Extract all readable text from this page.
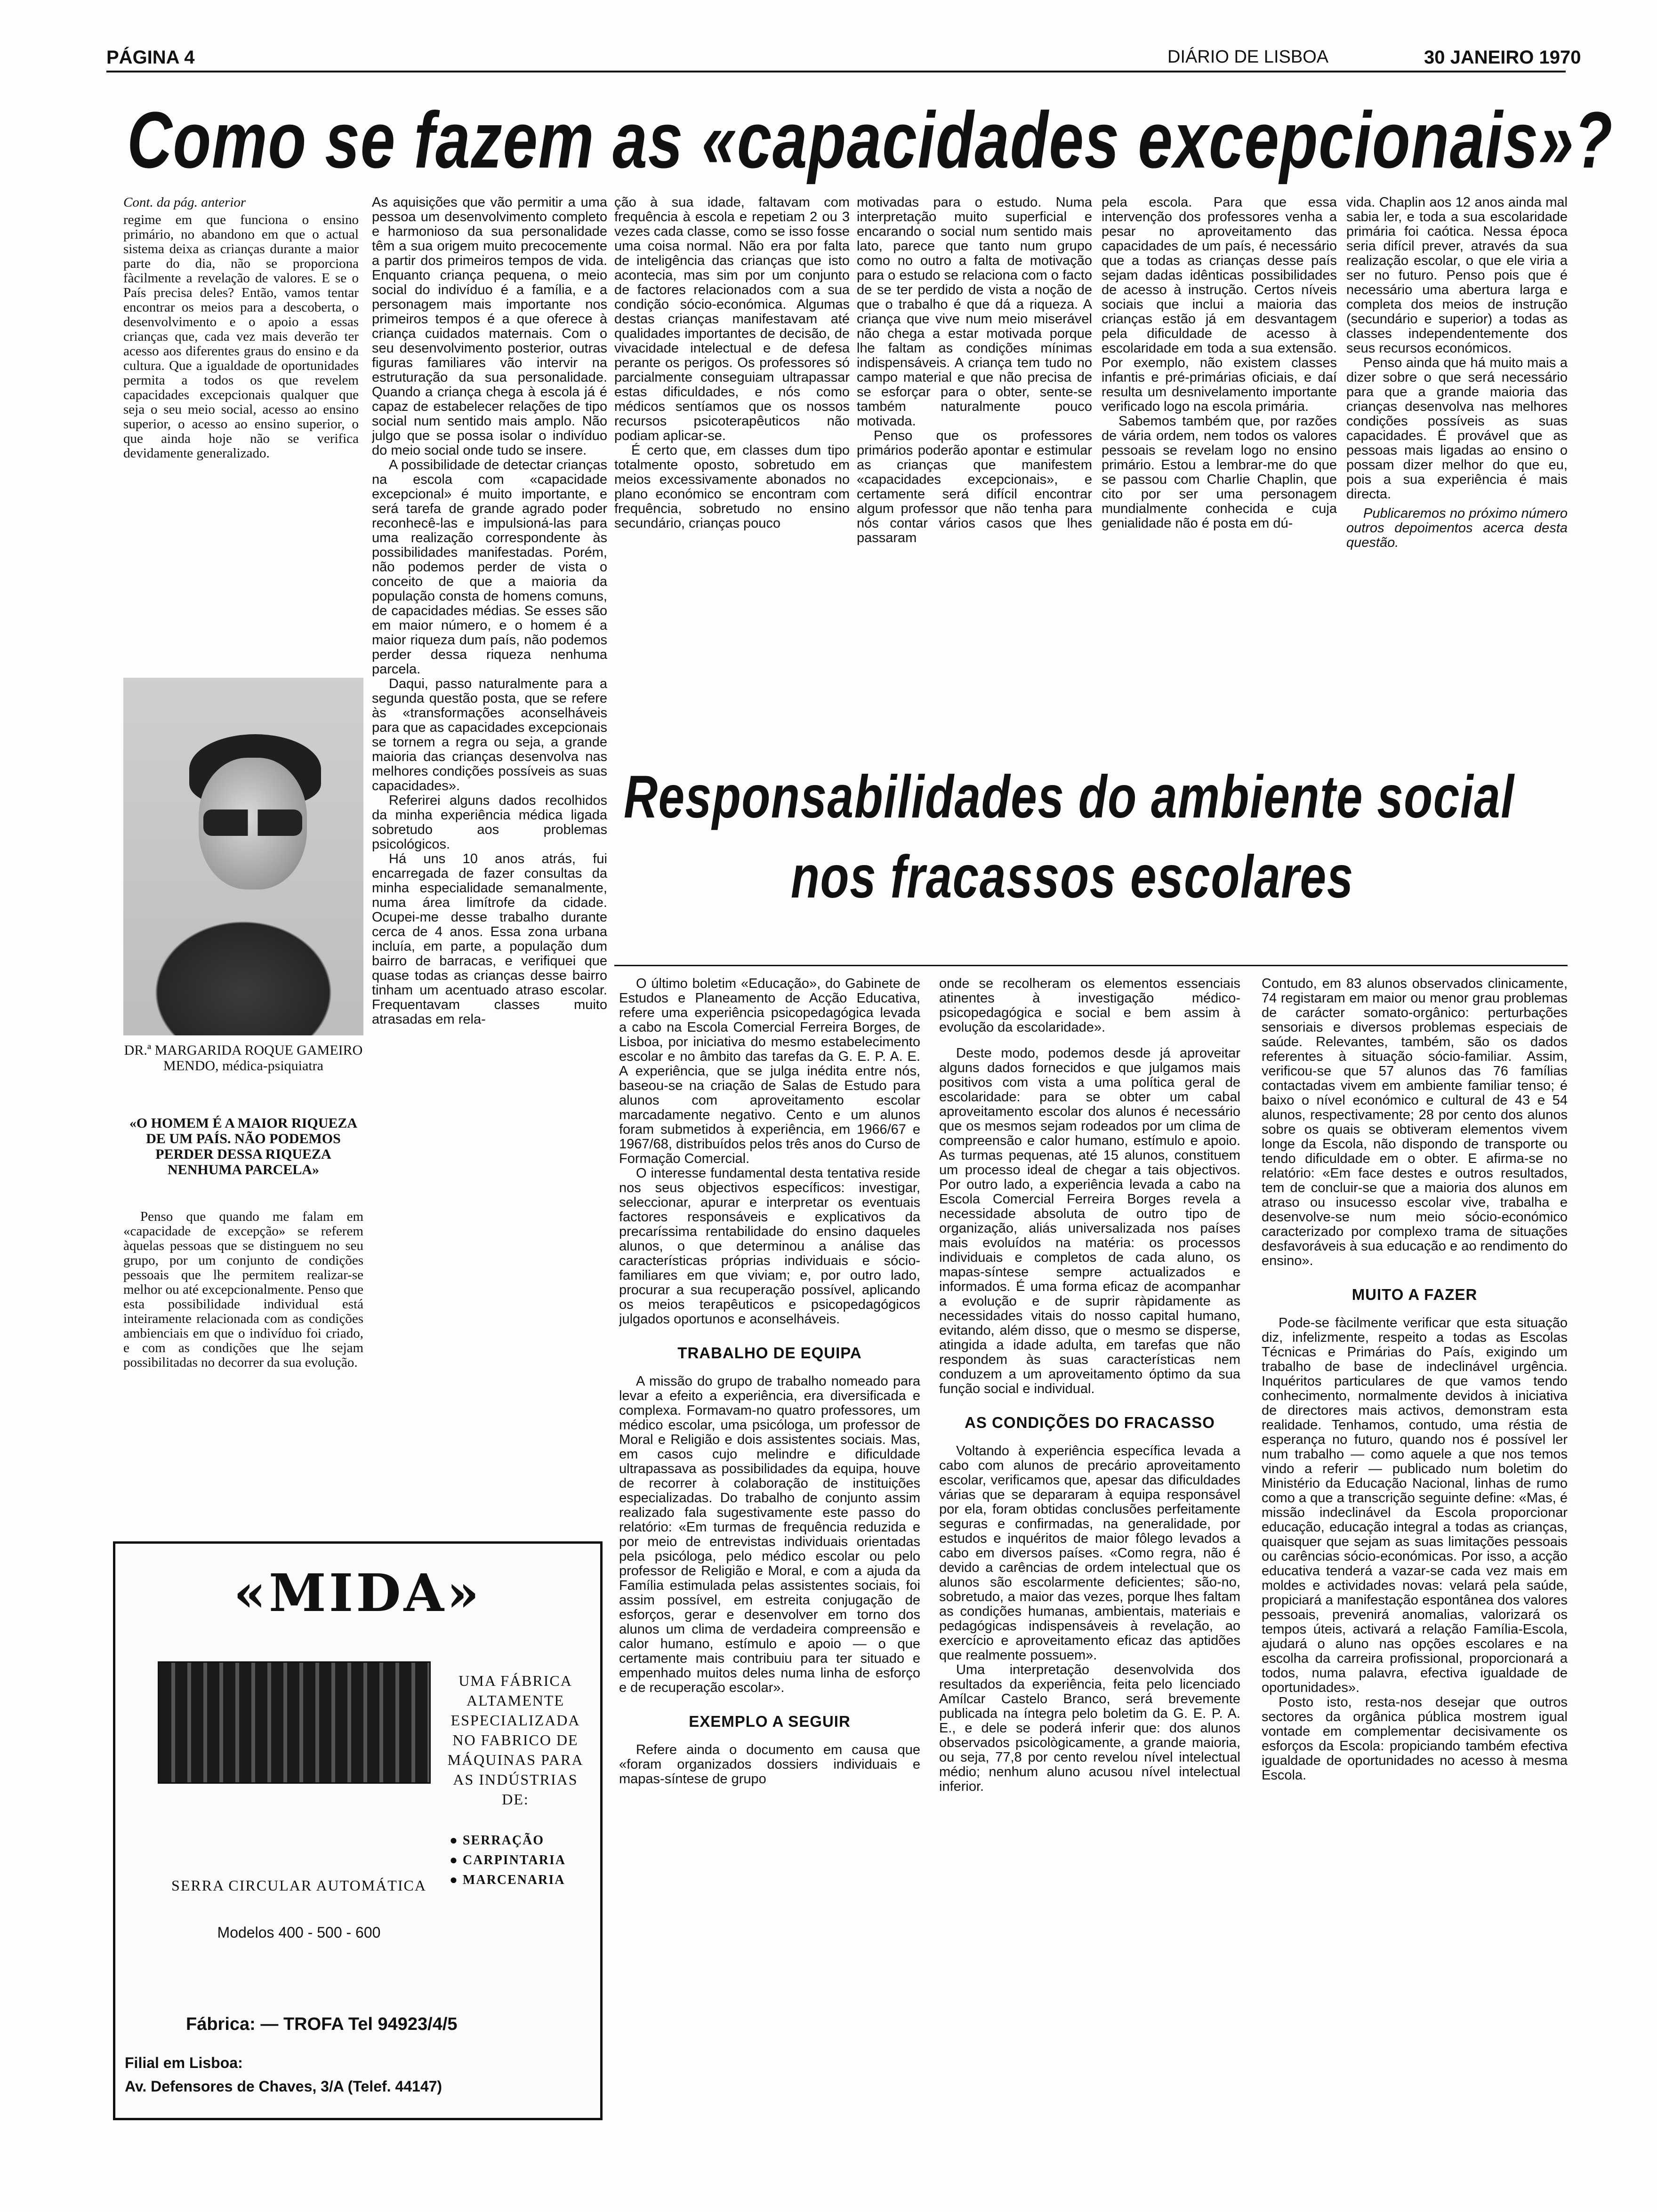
PÁGINA 4	DIÁRIO DE LISBOA	30 JANEIRO 1970
Como se fazem as «capacidades excepcionais»?

Cont. da pág. anterior

regime em que funciona o ensino primário, no abandono em que o actual sistema deixa as crianças durante a maior parte do dia, não se proporciona fàcilmente a revelação de valores. E se o País precisa deles? Então, vamos tentar encontrar os meios para a descoberta, o desenvolvimento e o apoio a essas crianças que, cada vez mais deverão ter acesso aos diferentes graus do ensino e da cultura. Que a igualdade de oportunidades permita a todos os que revelem capacidades excepcionais qualquer que seja o seu meio social, acesso ao ensino superior, o acesso ao ensino superior, o que ainda hoje não se verifica devidamente generalizado.

DR.ª MARGARIDA ROQUE GAMEIRO MENDO, médica-psiquiatra
«O HOMEM É A MAIOR RIQUEZA DE UM PAÍS. NÃO PODEMOS PERDER DESSA RIQUEZA NENHUMA PARCELA»

Penso que quando me falam em «capacidade de excepção» se referem àquelas pessoas que se distinguem no seu grupo, por um conjunto de condições pessoais que lhe permitem realizar-se melhor ou até excepcionalmente. Penso que esta possibilidade individual está inteiramente relacionada com as condições ambienciais em que o indivíduo foi criado, e com as condições que lhe sejam possibilitadas no decorrer da sua evolução.

As aquisições que vão permitir a uma pessoa um desenvolvimento completo e harmonioso da sua personalidade têm a sua origem muito precocemente a partir dos primeiros tempos de vida. Enquanto criança pequena, o meio social do indivíduo é a família, e a personagem mais importante nos primeiros tempos é a que oferece à criança cuidados maternais. Com o seu desenvolvimento posterior, outras figuras familiares vão intervir na estruturação da sua personalidade. Quando a criança chega à escola já é capaz de estabelecer relações de tipo social num sentido mais amplo. Não julgo que se possa isolar o indivíduo do meio social onde tudo se insere.

A possibilidade de detectar crianças na escola com «capacidade excepcional» é muito importante, e será tarefa de grande agrado poder reconhecê-las e impulsioná-las para uma realização correspondente às possibilidades manifestadas. Porém, não podemos perder de vista o conceito de que a maioria da população consta de homens comuns, de capacidades médias. Se esses são em maior número, e o homem é a maior riqueza dum país, não podemos perder dessa riqueza nenhuma parcela.

Daqui, passo naturalmente para a segunda questão posta, que se refere às «transformações aconselháveis para que as capacidades excepcionais se tornem a regra ou seja, a grande maioria das crianças desenvolva nas melhores condições possíveis as suas capacidades».

Referirei alguns dados recolhidos da minha experiência médica ligada sobretudo aos problemas psicológicos.

Há uns 10 anos atrás, fui encarregada de fazer consultas da minha especialidade semanalmente, numa área limítrofe da cidade. Ocupei-me desse trabalho durante cerca de 4 anos. Essa zona urbana incluía, em parte, a população dum bairro de barracas, e verifiquei que quase todas as crianças desse bairro tinham um acentuado atraso escolar. Frequentavam classes muito atrasadas em rela-

ção à sua idade, faltavam com frequência à escola e repetiam 2 ou 3 vezes cada classe, como se isso fosse uma coisa normal. Não era por falta de inteligência das crianças que isto acontecia, mas sim por um conjunto de factores relacionados com a sua condição sócio-económica. Algumas destas crianças manifestavam até qualidades importantes de decisão, de vivacidade intelectual e de defesa perante os perigos. Os professores só parcialmente conseguiam ultrapassar estas dificuldades, e nós como médicos sentíamos que os nossos recursos psicoterapêuticos não podiam aplicar-se.

É certo que, em classes dum tipo totalmente oposto, sobretudo em meios excessivamente abonados no plano económico se encontram com frequência, sobretudo no ensino secundário, crianças pouco

motivadas para o estudo. Numa interpretação muito superficial e encarando o social num sentido mais lato, parece que tanto num grupo como no outro a falta de motivação para o estudo se relaciona com o facto de se ter perdido de vista a noção de que o trabalho é que dá a riqueza. A criança que vive num meio miserável não chega a estar motivada porque lhe faltam as condições mínimas indispensáveis. A criança tem tudo no campo material e que não precisa de se esforçar para o obter, sente-se também naturalmente pouco motivada.

Penso que os professores primários poderão apontar e estimular as crianças que manifestem «capacidades excepcionais», e certamente será difícil encontrar algum professor que não tenha para nós contar vários casos que lhes passaram

pela escola. Para que essa intervenção dos professores venha a pesar no aproveitamento das capacidades de um país, é necessário que a todas as crianças desse país sejam dadas idênticas possibilidades de acesso à instrução. Certos níveis sociais que inclui a maioria das crianças estão já em desvantagem pela dificuldade de acesso à escolaridade em toda a sua extensão. Por exemplo, não existem classes infantis e pré-primárias oficiais, e daí resulta um desnivelamento importante verificado logo na escola primária.

Sabemos também que, por razões de vária ordem, nem todos os valores pessoais se revelam logo no ensino primário. Estou a lembrar-me do que se passou com Charlie Chaplin, que cito por ser uma personagem mundialmente conhecida e cuja genialidade não é posta em dú-

vida. Chaplin aos 12 anos ainda mal sabia ler, e toda a sua escolaridade primária foi caótica. Nessa época seria difícil prever, através da sua realização escolar, o que ele viria a ser no futuro. Penso pois que é necessário uma abertura larga e completa dos meios de instrução (secundário e superior) a todas as classes independentemente dos seus recursos económicos.

Penso ainda que há muito mais a dizer sobre o que será necessário para que a grande maioria das crianças desenvolva nas melhores condições possíveis as suas capacidades. É provável que as pessoas mais ligadas ao ensino o possam dizer melhor do que eu, pois a sua experiência é mais directa.

Publicaremos no próximo número outros depoimentos acerca desta questão.

Responsabilidades do ambiente social
nos fracassos escolares

O último boletim «Educação», do Gabinete de Estudos e Planeamento de Acção Educativa, refere uma experiência psicopedagógica levada a cabo na Escola Comercial Ferreira Borges, de Lisboa, por iniciativa do mesmo estabelecimento escolar e no âmbito das tarefas da G. E. P. A. E. A experiência, que se julga inédita entre nós, baseou-se na criação de Salas de Estudo para alunos com aproveitamento escolar marcadamente negativo. Cento e um alunos foram submetidos à experiência, em 1966/67 e 1967/68, distribuídos pelos três anos do Curso de Formação Comercial.

O interesse fundamental desta tentativa reside nos seus objectivos específicos: investigar, seleccionar, apurar e interpretar os eventuais factores responsáveis e explicativos da precaríssima rentabilidade do ensino daqueles alunos, o que determinou a análise das características próprias individuais e sócio-familiares em que viviam; e, por outro lado, procurar a sua recuperação possível, aplicando os meios terapêuticos e psicopedagógicos julgados oportunos e aconselháveis.

TRABALHO DE EQUIPA

A missão do grupo de trabalho nomeado para levar a efeito a experiência, era diversificada e complexa. Formavam-no quatro professores, um médico escolar, uma psicóloga, um professor de Moral e Religião e dois assistentes sociais. Mas, em casos cujo melindre e dificuldade ultrapassava as possibilidades da equipa, houve de recorrer à colaboração de instituições especializadas. Do trabalho de conjunto assim realizado fala sugestivamente este passo do relatório: «Em turmas de frequência reduzida e por meio de entrevistas individuais orientadas pela psicóloga, pelo médico escolar ou pelo professor de Religião e Moral, e com a ajuda da Família estimulada pelas assistentes sociais, foi assim possível, em estreita conjugação de esforços, gerar e desenvolver em torno dos alunos um clima de verdadeira compreensão e calor humano, estímulo e apoio — o que certamente mais contribuiu para ter situado e empenhado muitos deles numa linha de esforço e de recuperação escolar».

EXEMPLO A SEGUIR

Refere ainda o documento em causa que «foram organizados dossiers individuais e mapas-síntese de grupo

onde se recolheram os elementos essenciais atinentes à investigação médico-psicopedagógica e social e bem assim à evolução da escolaridade».

Deste modo, podemos desde já aproveitar alguns dados fornecidos e que julgamos mais positivos com vista a uma política geral de escolaridade: para se obter um cabal aproveitamento escolar dos alunos é necessário que os mesmos sejam rodeados por um clima de compreensão e calor humano, estímulo e apoio. As turmas pequenas, até 15 alunos, constituem um processo ideal de chegar a tais objectivos. Por outro lado, a experiência levada a cabo na Escola Comercial Ferreira Borges revela a necessidade absoluta de outro tipo de organização, aliás universalizada nos países mais evoluídos na matéria: os processos individuais e completos de cada aluno, os mapas-síntese sempre actualizados e informados. É uma forma eficaz de acompanhar a evolução e de suprir ràpidamente as necessidades vitais do nosso capital humano, evitando, além disso, que o mesmo se disperse, atingida a idade adulta, em tarefas que não respondem às suas características nem conduzem a um aproveitamento óptimo da sua função social e individual.

AS CONDIÇÕES DO FRACASSO

Voltando à experiência específica levada a cabo com alunos de precário aproveitamento escolar, verificamos que, apesar das dificuldades várias que se depararam à equipa responsável por ela, foram obtidas conclusões perfeitamente seguras e confirmadas, na generalidade, por estudos e inquéritos de maior fôlego levados a cabo em diversos países. «Como regra, não é devido a carências de ordem intelectual que os alunos são escolarmente deficientes; são-no, sobretudo, a maior das vezes, porque lhes faltam as condições humanas, ambientais, materiais e pedagógicas indispensáveis à revelação, ao exercício e aproveitamento eficaz das aptidões que realmente possuem».

Uma interpretação desenvolvida dos resultados da experiência, feita pelo licenciado Amílcar Castelo Branco, será brevemente publicada na íntegra pelo boletim da G. E. P. A. E., e dele se poderá inferir que: dos alunos observados psicològicamente, a grande maioria, ou seja, 77,8 por cento revelou nível intelectual médio; nenhum aluno acusou nível intelectual inferior.

Contudo, em 83 alunos observados clinicamente, 74 registaram em maior ou menor grau problemas de carácter somato-orgânico: perturbações sensoriais e diversos problemas especiais de saúde. Relevantes, também, são os dados referentes à situação sócio-familiar. Assim, verificou-se que 57 alunos das 76 famílias contactadas vivem em ambiente familiar tenso; é baixo o nível económico e cultural de 43 e 54 alunos, respectivamente; 28 por cento dos alunos sobre os quais se obtiveram elementos vivem longe da Escola, não dispondo de transporte ou tendo dificuldade em o obter. E afirma-se no relatório: «Em face destes e outros resultados, tem de concluir-se que a maioria dos alunos em atraso ou insucesso escolar vive, trabalha e desenvolve-se num meio sócio-económico caracterizado por complexo trama de situações desfavoráveis à sua educação e ao rendimento do ensino».

MUITO A FAZER

Pode-se fàcilmente verificar que esta situação diz, infelizmente, respeito a todas as Escolas Técnicas e Primárias do País, exigindo um trabalho de base de indeclinável urgência. Inquéritos particulares de que vamos tendo conhecimento, normalmente devidos à iniciativa de directores mais activos, demonstram esta realidade. Tenhamos, contudo, uma réstia de esperança no futuro, quando nos é possível ler num trabalho — como aquele a que nos temos vindo a referir — publicado num boletim do Ministério da Educação Nacional, linhas de rumo como a que a transcrição seguinte define: «Mas, é missão indeclinável da Escola proporcionar educação, educação integral a todas as crianças, quaisquer que sejam as suas limitações pessoais ou carências sócio-económicas. Por isso, a acção educativa tenderá a vazar-se cada vez mais em moldes e actividades novas: velará pela saúde, propiciará a manifestação espontânea dos valores pessoais, prevenirá anomalias, valorizará os tempos úteis, activará a relação Família-Escola, ajudará o aluno nas opções escolares e na escolha da carreira profissional, proporcionará a todos, numa palavra, efectiva igualdade de oportunidades».

Posto isto, resta-nos desejar que outros sectores da orgânica pública mostrem igual vontade em complementar decisivamente os esforços da Escola: propiciando também efectiva igualdade de oportunidades no acesso à mesma Escola.

«MIDA»
UMA FÁBRICA ALTAMENTE ESPECIALIZADA NO FABRICO DE MÁQUINAS PARA AS INDÚSTRIAS DE:
● SERRAÇÃO
● CARPINTARIA
● MARCENARIA
SERRA CIRCULAR AUTOMÁTICA
Modelos 400 - 500 - 600
Fábrica: — TROFA Tel 94923/4/5
Filial em Lisboa:
Av. Defensores de Chaves, 3/A (Telef. 44147)
